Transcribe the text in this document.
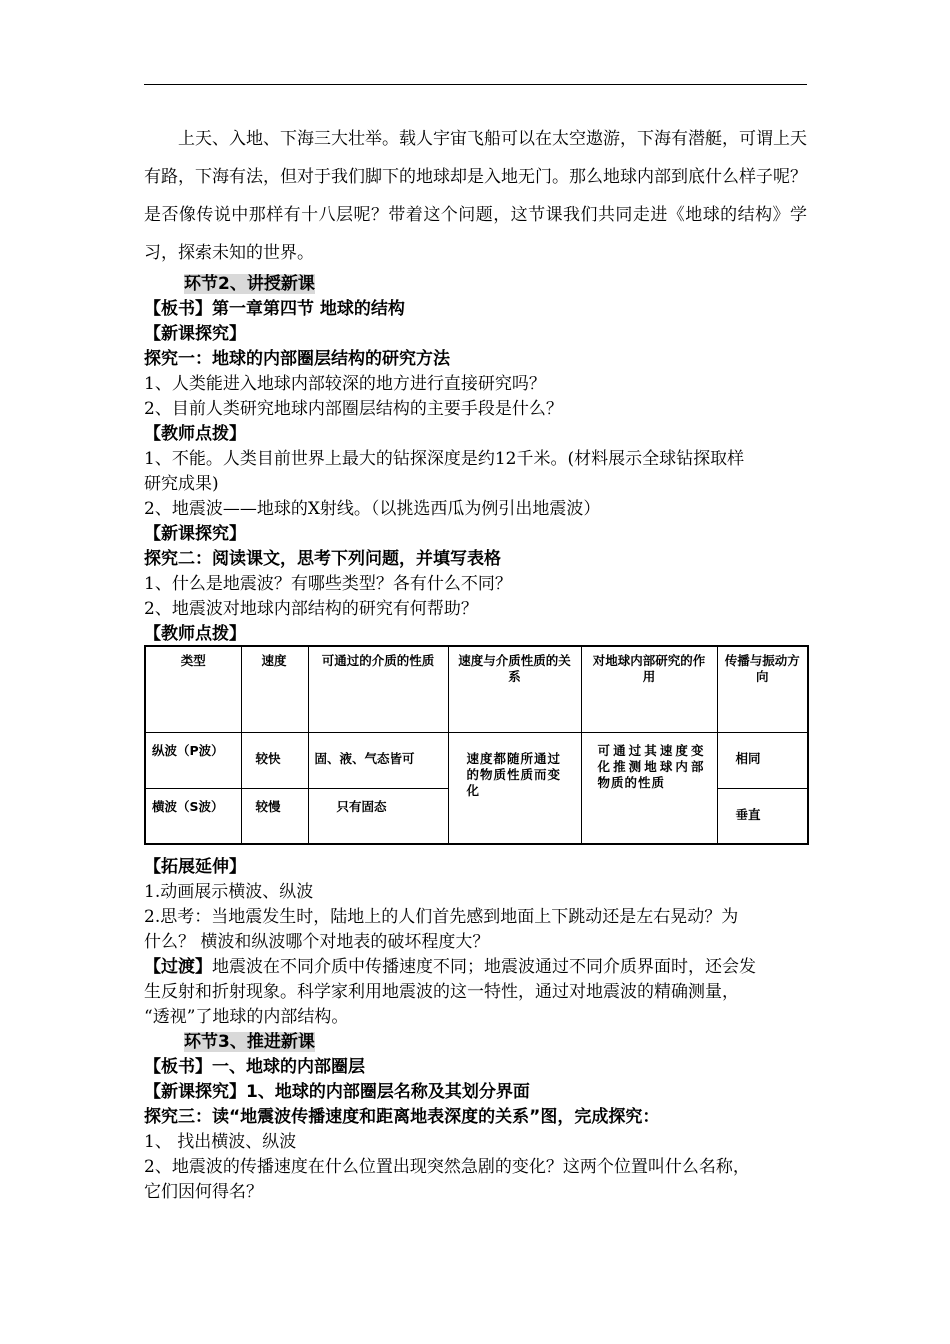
上天、入地、下海三大壮举。载人宇宙飞船可以在太空遨游，下海有潜艇，可谓上天有路，下海有法，但对于我们脚下的地球却是入地无门。那么地球内部到底什么样子呢？是否像传说中那样有十八层呢？带着这个问题，这节课我们共同走进《地球的结构》学习，探索未知的世界。

环节2、讲授新课
【板书】第一章第四节 地球的结构
【新课探究】
探究一：地球的内部圈层结构的研究方法
1、人类能进入地球内部较深的地方进行直接研究吗？
2、目前人类研究地球内部圈层结构的主要手段是什么？
【教师点拨】
1、不能。人类目前世界上最大的钻探深度是约12千米。(材料展示全球钻探取样
研究成果)
2、地震波——地球的X射线。（以挑选西瓜为例引出地震波）
【新课探究】
探究二：阅读课文，思考下列问题，并填写表格
1、什么是地震波？有哪些类型？各有什么不同？
2、地震波对地球内部结构的研究有何帮助？
【教师点拨】
类型	速度	可通过的介质的性质	速度与介质性质的关系	对地球内部研究的作用	传播与振动方向
纵波（P波）	较快	固、液、气态皆可	速度都随所通过的物质性质而变化	可通过其速度变化推测地球内部物质的性质	相同
横波（S波）	较慢	只有固态			垂直
【拓展延伸】
1.动画展示横波、纵波
2.思考：当地震发生时，陆地上的人们首先感到地面上下跳动还是左右晃动？为
什么？ 横波和纵波哪个对地表的破坏程度大？
【过渡】地震波在不同介质中传播速度不同；地震波通过不同介质界面时，还会发
生反射和折射现象。科学家利用地震波的这一特性，通过对地震波的精确测量，
“透视”了地球的内部结构。
环节3、推进新课
【板书】一、地球的内部圈层
【新课探究】1、地球的内部圈层名称及其划分界面
探究三：读“地震波传播速度和距离地表深度的关系”图，完成探究：
1、 找出横波、纵波
2、地震波的传播速度在什么位置出现突然急剧的变化？这两个位置叫什么名称，
它们因何得名？
